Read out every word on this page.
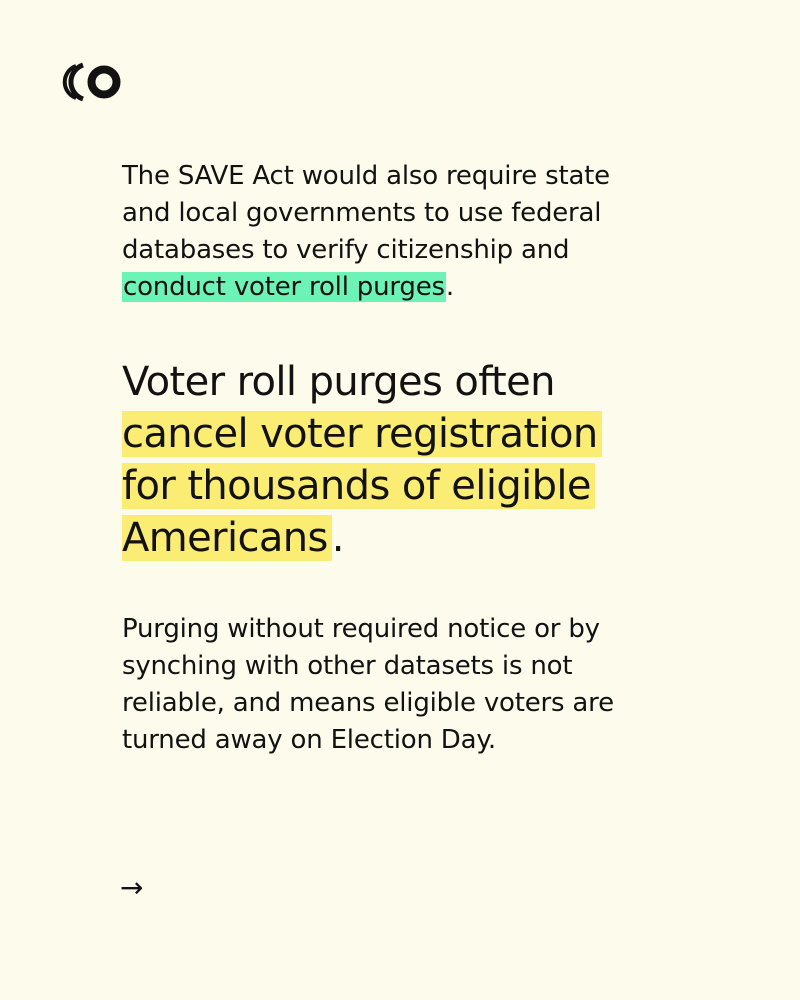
The SAVE Act would also require state
and local governments to use federal
databases to verify citizenship and
conduct voter roll purges.

Voter roll purges often
cancel voter registration
for thousands of eligible
Americans .

Purging without required notice or by
synching with other datasets is not
reliable, and means eligible voters are
turned away on Election Day.

→
